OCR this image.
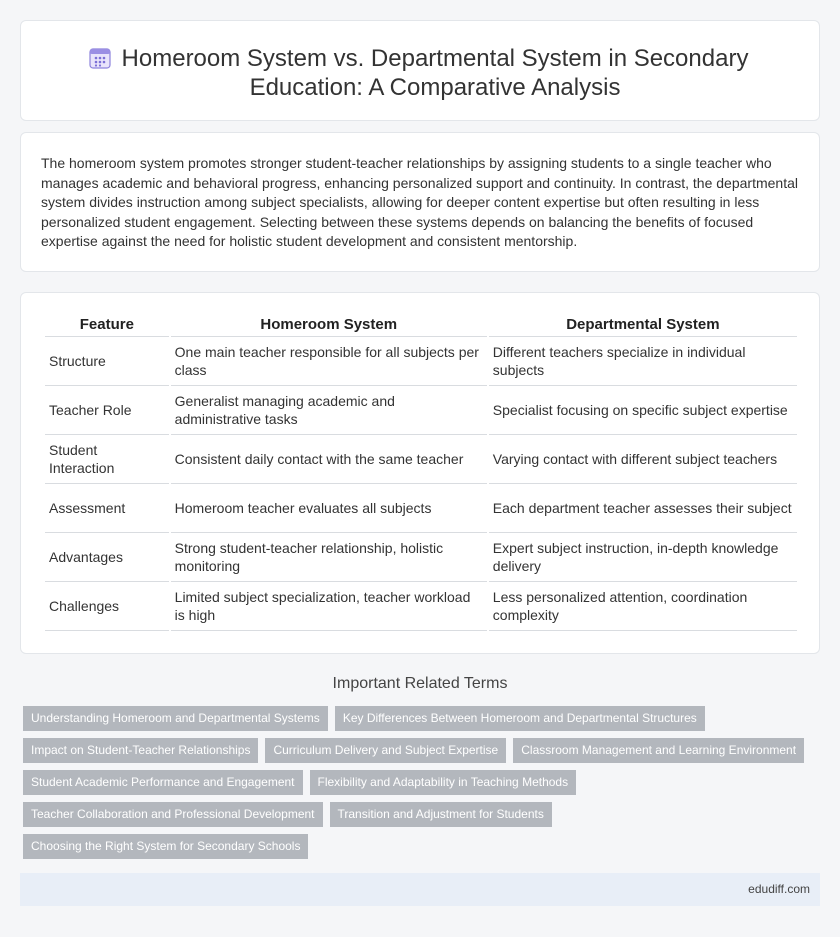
Homeroom System vs. Departmental System in Secondary Education: A Comparative Analysis

The homeroom system promotes stronger student-teacher relationships by assigning students to a single teacher who manages academic and behavioral progress, enhancing personalized support and continuity. In contrast, the departmental system divides instruction among subject specialists, allowing for deeper content expertise but often resulting in less personalized student engagement. Selecting between these systems depends on balancing the benefits of focused expertise against the need for holistic student development and consistent mentorship.

Feature	Homeroom System	Departmental System
Structure	One main teacher responsible for all subjects per class	Different teachers specialize in individual subjects
Teacher Role	Generalist managing academic and administrative tasks	Specialist focusing on specific subject expertise
Student Interaction	Consistent daily contact with the same teacher	Varying contact with different subject teachers
Assessment	Homeroom teacher evaluates all subjects	Each department teacher assesses their subject
Advantages	Strong student-teacher relationship, holistic monitoring	Expert subject instruction, in-depth knowledge delivery
Challenges	Limited subject specialization, teacher workload is high	Less personalized attention, coordination complexity
Important Related Terms
Understanding Homeroom and Departmental Systems	Key Differences Between Homeroom and Departmental Structures
Impact on Student-Teacher Relationships	Curriculum Delivery and Subject Expertise	Classroom Management and Learning Environment
Student Academic Performance and Engagement	Flexibility and Adaptability in Teaching Methods
Teacher Collaboration and Professional Development	Transition and Adjustment for Students
Choosing the Right System for Secondary Schools
edudiff.com
